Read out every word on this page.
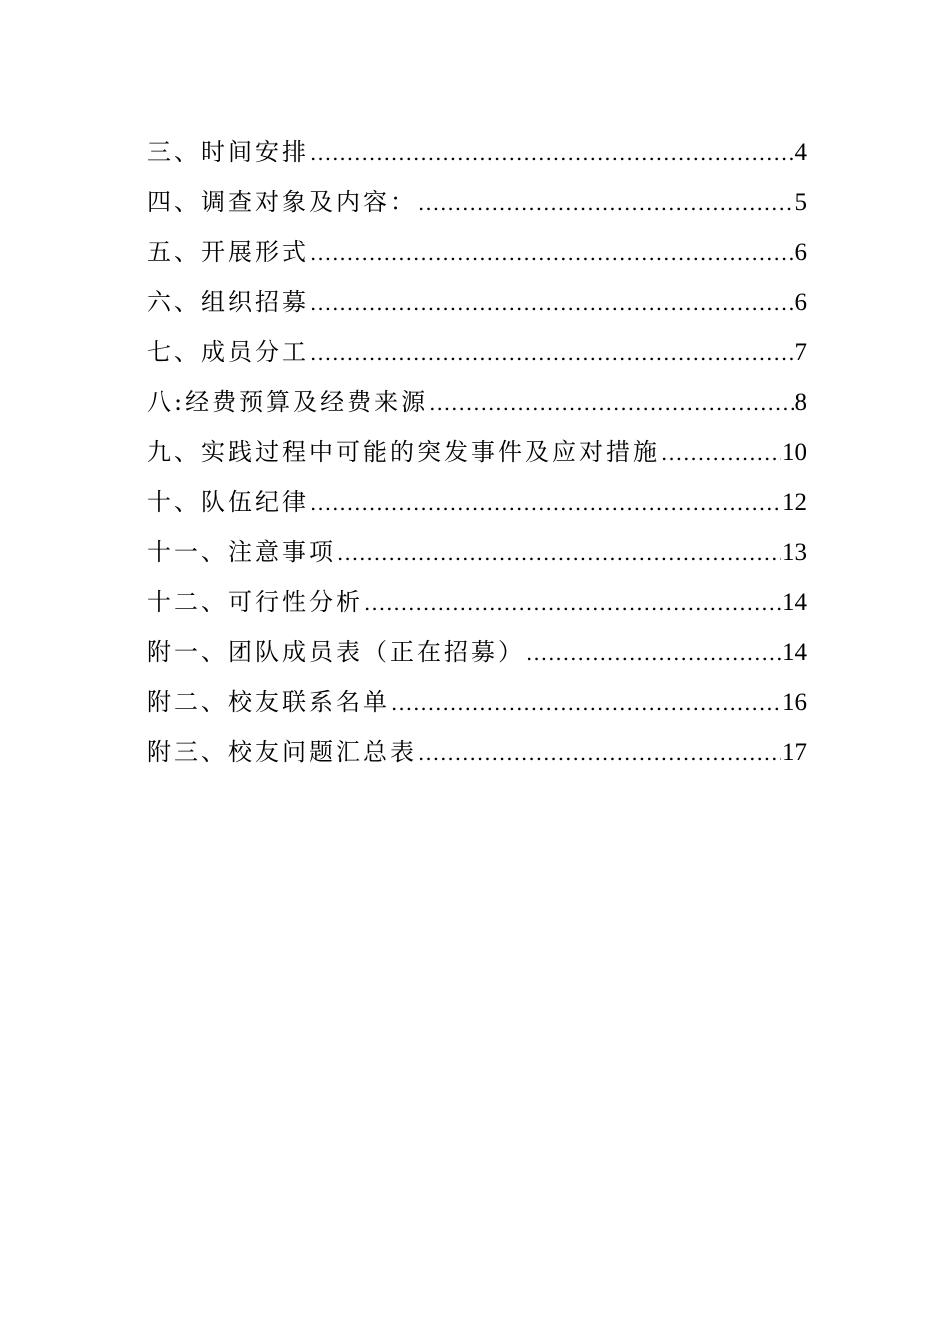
三、时间安排 .....	4
四、调查对象及内容： .....	5
五、开展形式 .....	6
六、组织招募 .....	6
七、成员分工 .....	7
八:经费预算及经费来源 .....	8
九、实践过程中可能的突发事件及应对措施 .....	10
十、队伍纪律 .....	12
十一、注意事项 .....	13
十二、可行性分析 .....	14
附一、团队成员表（正在招募） .....	14
附二、校友联系名单 .....	16
附三、校友问题汇总表 .....	17
